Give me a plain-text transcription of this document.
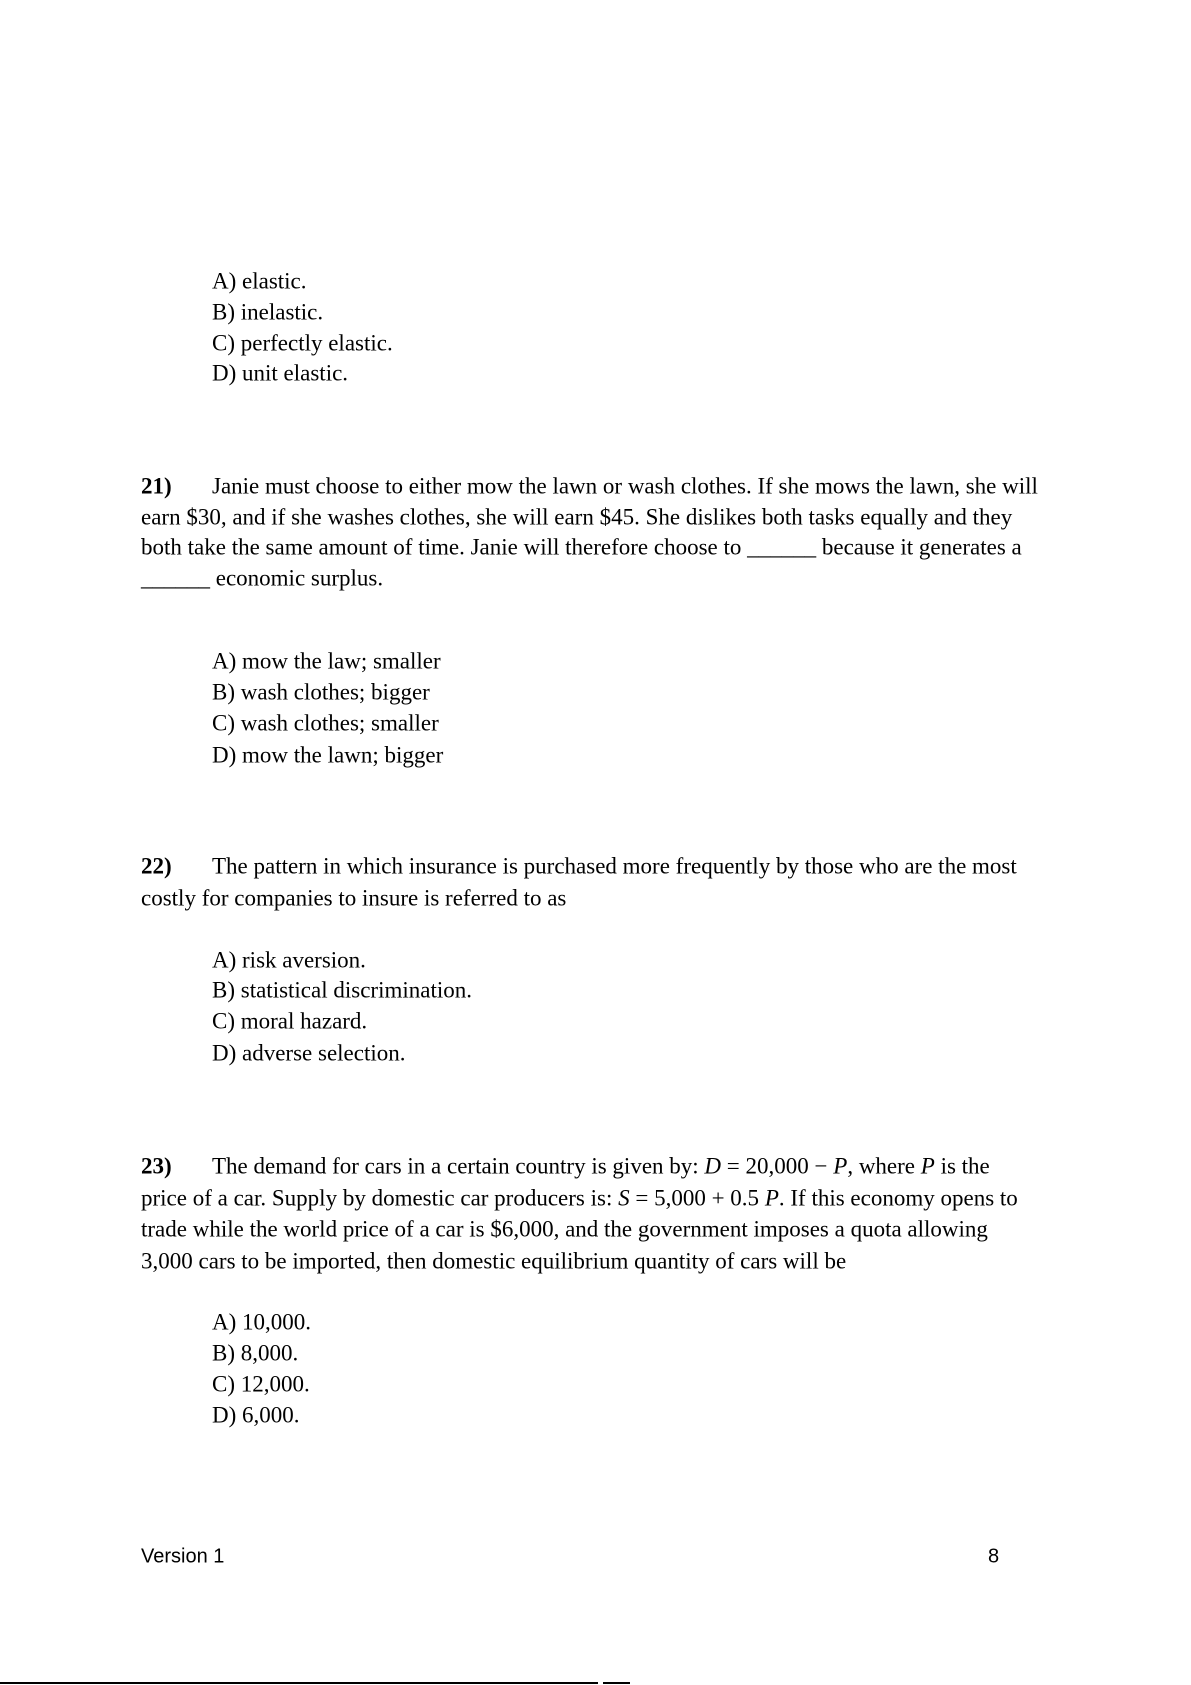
A) elastic.
B) inelastic.
C) perfectly elastic.
D) unit elastic.
21) Janie must choose to either mow the lawn or wash clothes. If she mows the lawn, she will
earn $30, and if she washes clothes, she will earn $45. She dislikes both tasks equally and they
both take the same amount of time. Janie will therefore choose to ______ because it generates a
______ economic surplus.
A) mow the law; smaller
B) wash clothes; bigger
C) wash clothes; smaller
D) mow the lawn; bigger
22) The pattern in which insurance is purchased more frequently by those who are the most
costly for companies to insure is referred to as
A) risk aversion.
B) statistical discrimination.
C) moral hazard.
D) adverse selection.
23) The demand for cars in a certain country is given by: D = 20,000 − P, where P is the
price of a car. Supply by domestic car producers is: S = 5,000 + 0.5 P. If this economy opens to
trade while the world price of a car is $6,000, and the government imposes a quota allowing
3,000 cars to be imported, then domestic equilibrium quantity of cars will be
A) 10,000.
B) 8,000.
C) 12,000.
D) 6,000.
Version 1	8
